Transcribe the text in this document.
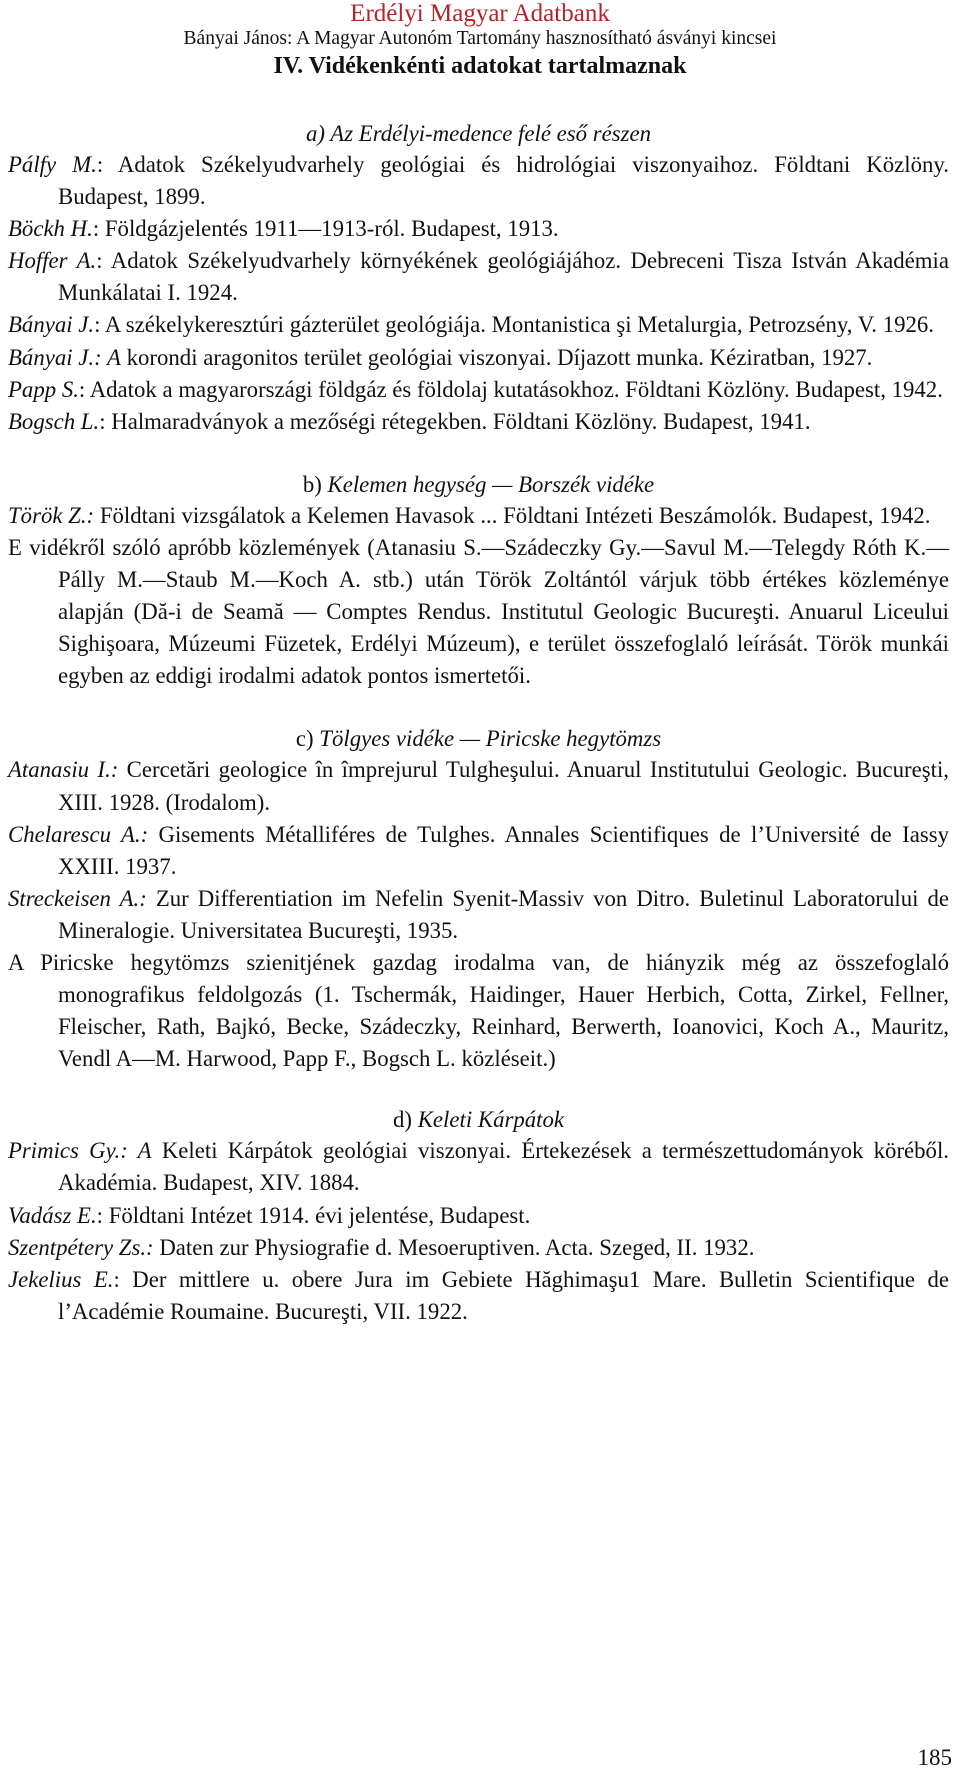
Erdélyi Magyar Adatbank
Bányai János: A Magyar Autonóm Tartomány hasznosítható ásványi kincsei
IV. Vidékenkénti adatokat tartalmaznak
a) Az Erdélyi-medence felé eső részen
Pálfy M.: Adatok Székelyudvarhely geológiai és hidrológiai viszonyaihoz. Földtani Közlöny. Budapest, 1899.
Böckh H.: Földgázjelentés 1911—1913-ról. Budapest, 1913.
Hoffer A.: Adatok Székelyudvarhely környékének geológiájához. Debreceni Tisza István Akadémia Munkálatai I. 1924.
Bányai J.: A székelykeresztúri gázterület geológiája. Montanistica şi Metalurgia, Petrozsény, V. 1926.
Bányai J.: A korondi aragonitos terület geológiai viszonyai. Díjazott munka. Kéziratban, 1927.
Papp S.: Adatok a magyarországi földgáz és földolaj kutatásokhoz. Földtani Közlöny. Budapest, 1942.
Bogsch L.: Halmaradványok a mezőségi rétegekben. Földtani Közlöny. Budapest, 1941.
b) Kelemen hegység — Borszék vidéke
Török Z.: Földtani vizsgálatok a Kelemen Havasok ... Földtani Intézeti Beszámolók. Budapest, 1942.
E vidékről szóló apróbb közlemények (Atanasiu S.—Szádeczky Gy.—Savul M.—Telegdy Róth K.—Pálly M.—Staub M.—Koch A. stb.) után Török Zoltántól várjuk több értékes közleménye alapján (Dă-i de Seamă — Comptes Rendus. Institutul Geologic Bucureşti. Anuarul Liceului Sighişoara, Múzeumi Füzetek, Erdélyi Múzeum), e terület összefoglaló leírását. Török munkái egyben az eddigi irodalmi adatok pontos ismertetői.
c) Tölgyes vidéke — Piricske hegytömzs
Atanasiu I.: Cercetări geologice în împrejurul Tulgheşului. Anuarul Institutului Geologic. Bucureşti, XIII. 1928. (Irodalom).
Chelarescu A.: Gisements Métalliféres de Tulghes. Annales Scientifiques de l’Université de Iassy XXIII. 1937.
Streckeisen A.: Zur Differentiation im Nefelin Syenit-Massiv von Ditro. Buletinul Laboratorului de Mineralogie. Universitatea Bucureşti, 1935.
A Piricske hegytömzs szienitjének gazdag irodalma van, de hiányzik még az összefoglaló monografikus feldolgozás (1. Tschermák, Haidinger, Hauer Herbich, Cotta, Zirkel, Fellner, Fleischer, Rath, Bajkó, Becke, Szádeczky, Reinhard, Berwerth, Ioanovici, Koch A., Mauritz, Vendl A—M. Harwood, Papp F., Bogsch L. közléseit.)
d) Keleti Kárpátok
Primics Gy.: A Keleti Kárpátok geológiai viszonyai. Értekezések a természettudományok köréből. Akadémia. Budapest, XIV. 1884.
Vadász E.: Földtani Intézet 1914. évi jelentése, Budapest.
Szentpétery Zs.: Daten zur Physiografie d. Mesoeruptiven. Acta. Szeged, II. 1932.
Jekelius E.: Der mittlere u. obere Jura im Gebiete Hăghimaşu1 Mare. Bulletin Scientifique de l’Académie Roumaine. Bucureşti, VII. 1922.
185
